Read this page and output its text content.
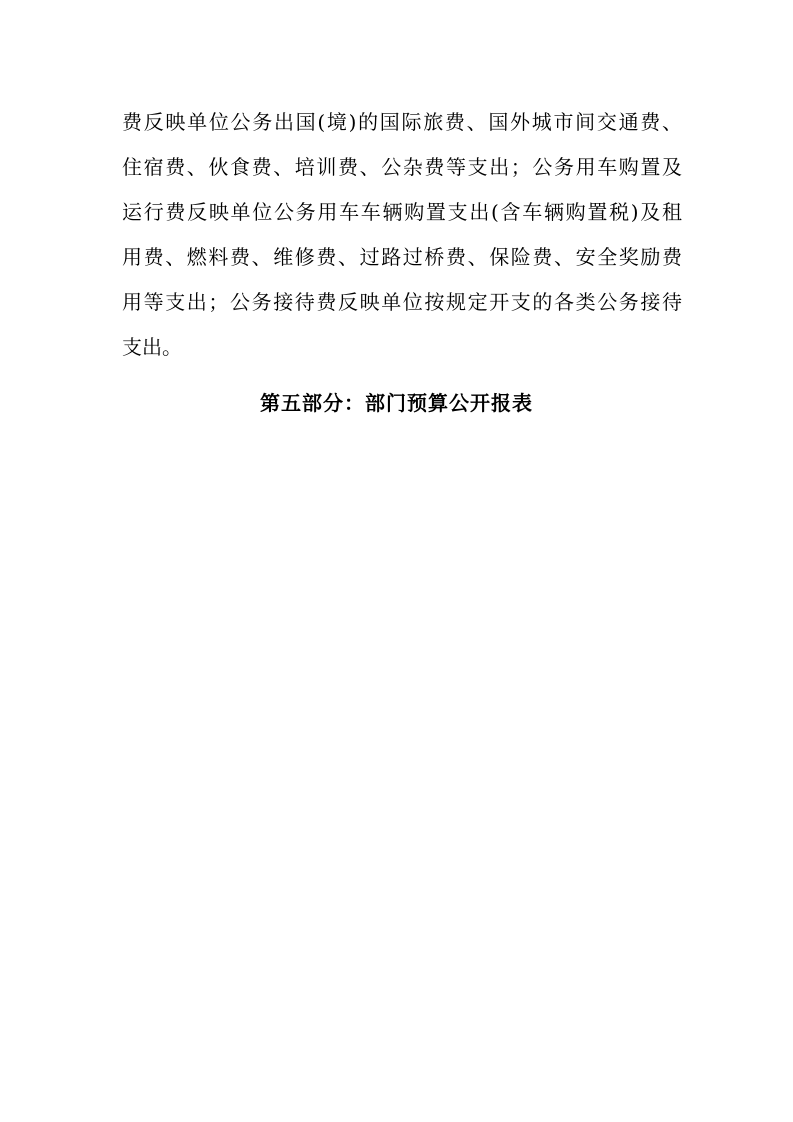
费反映单位公务出国(境)的国际旅费、国外城市间交通费、
住宿费、伙食费、培训费、公杂费等支出；公务用车购置及
运行费反映单位公务用车车辆购置支出(含车辆购置税)及租
用费、燃料费、维修费、过路过桥费、保险费、安全奖励费
用等支出；公务接待费反映单位按规定开支的各类公务接待
支出。
第五部分：部门预算公开报表
